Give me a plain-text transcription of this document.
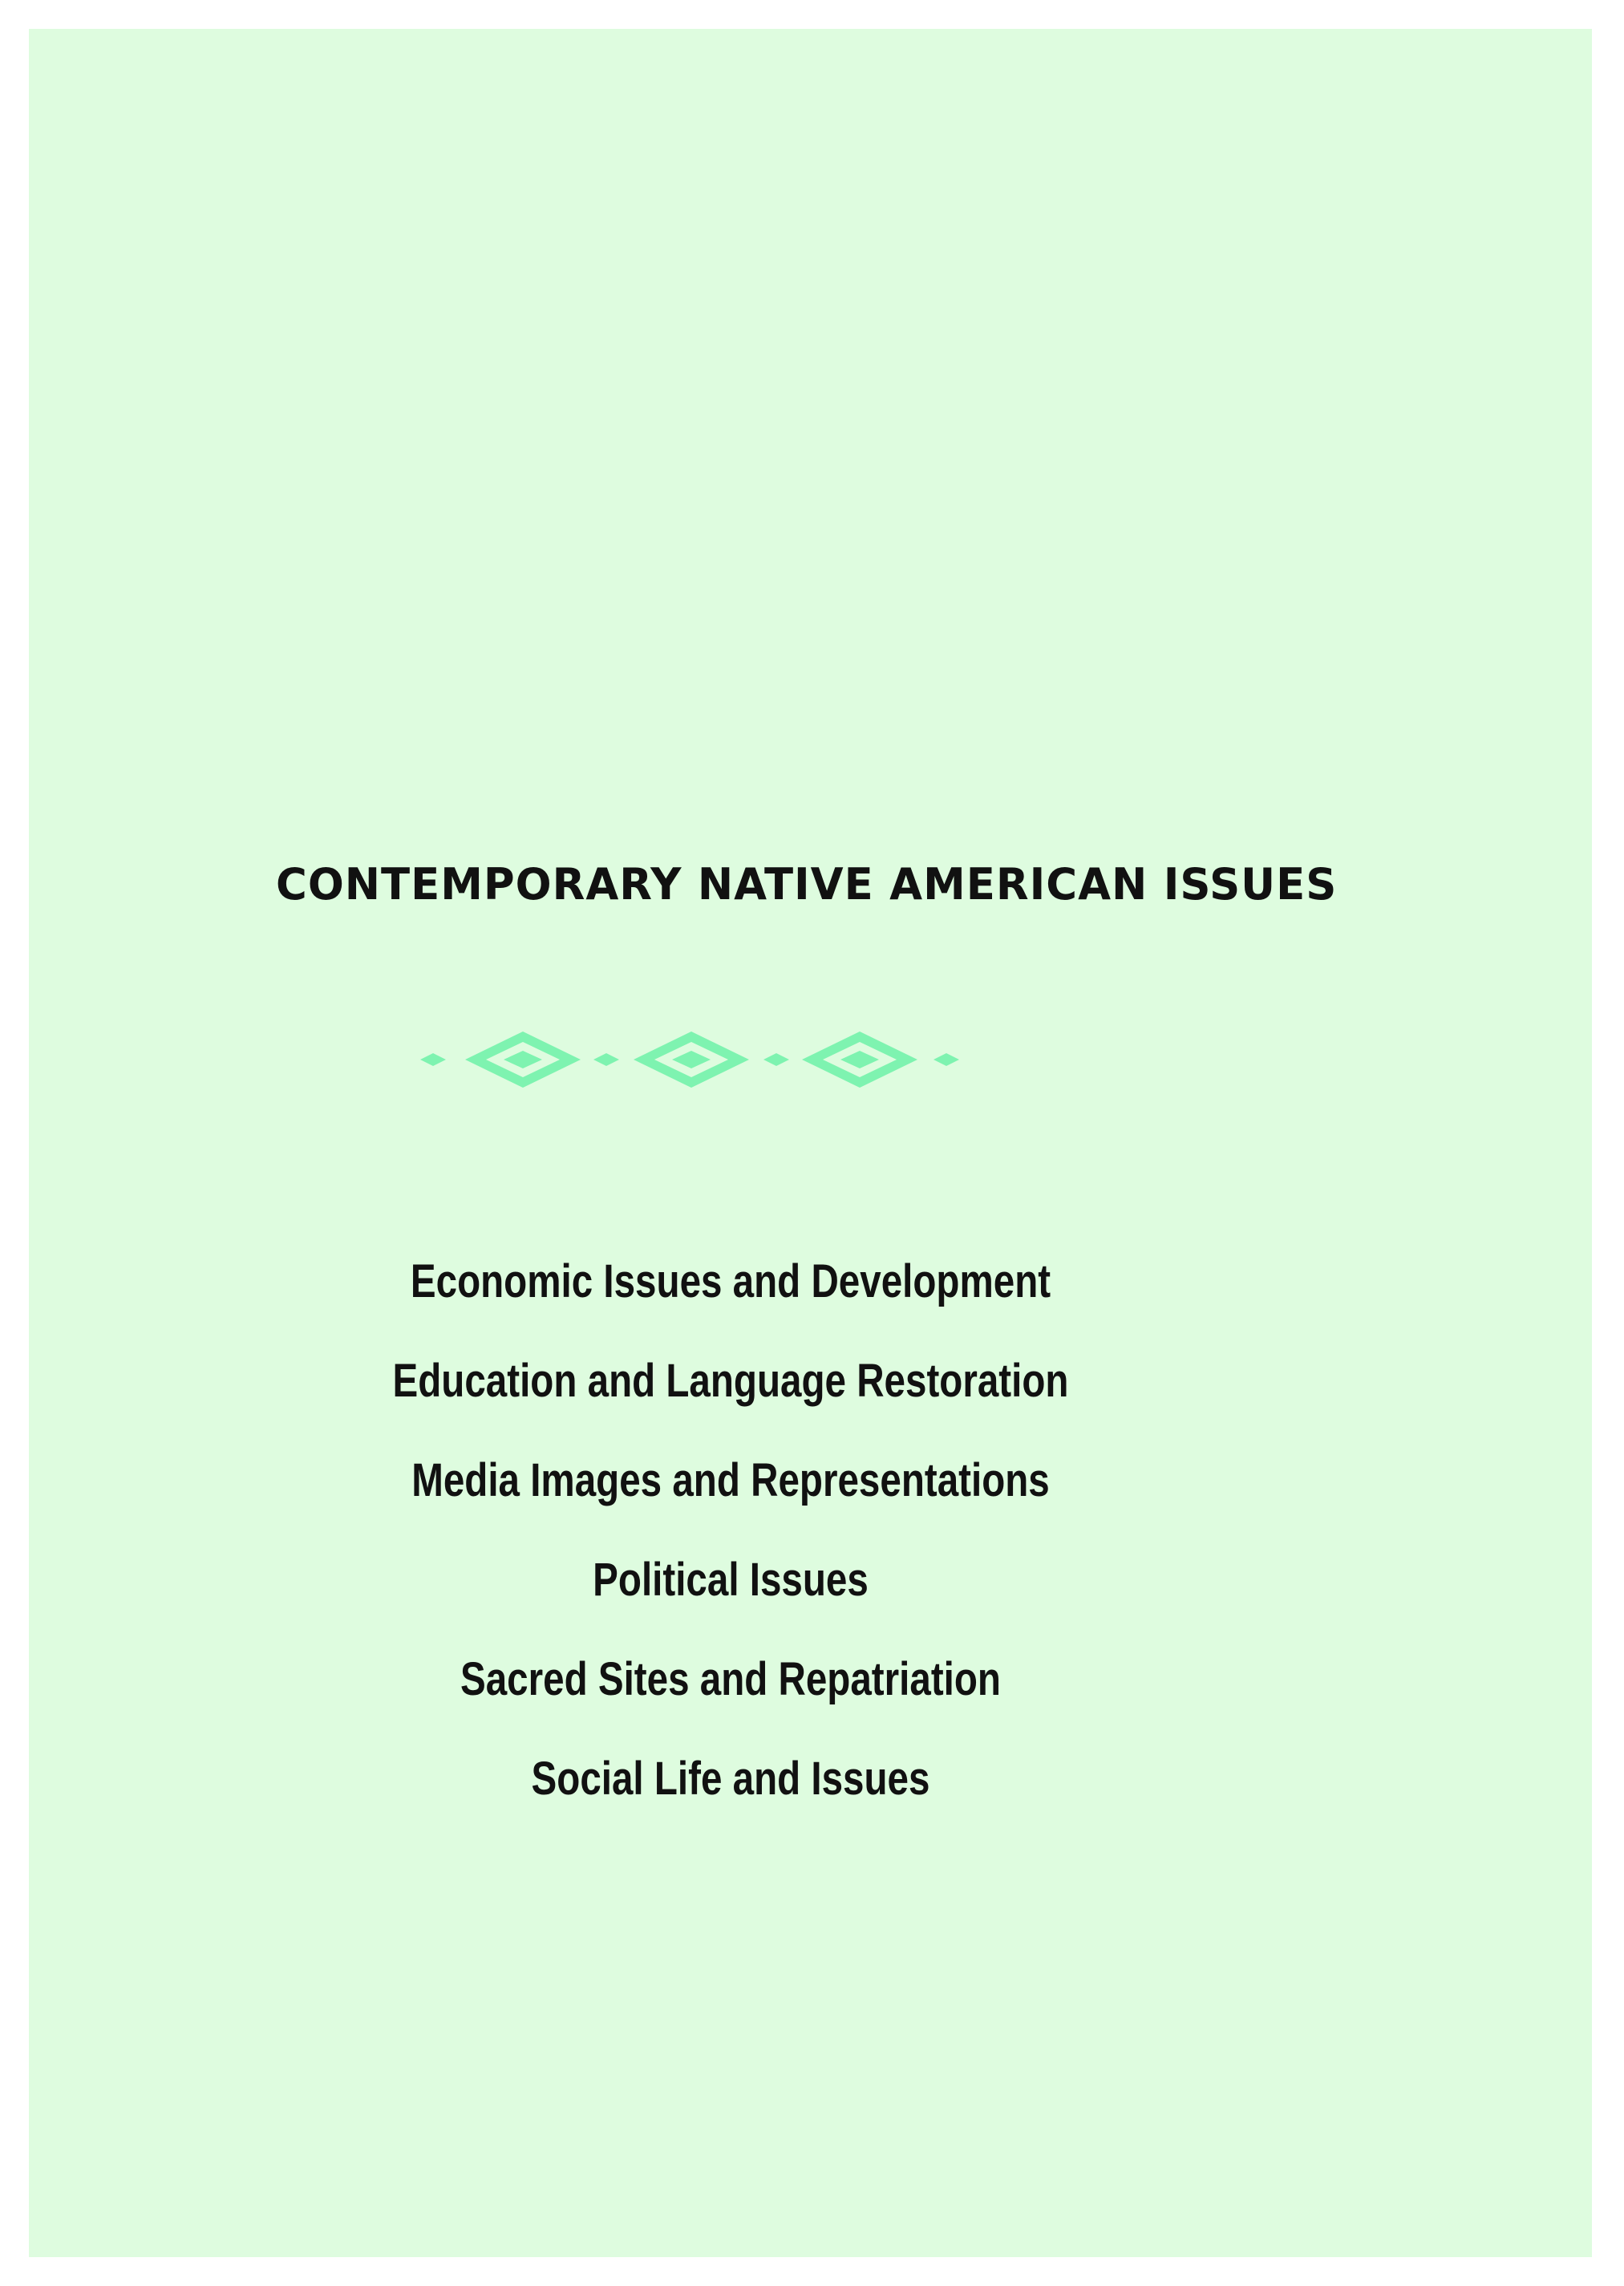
CONTEMPORARY NATIVE AMERICAN ISSUES
Economic Issues and Development
Education and Language Restoration
Media Images and Representations
Political Issues
Sacred Sites and Repatriation
Social Life and Issues
